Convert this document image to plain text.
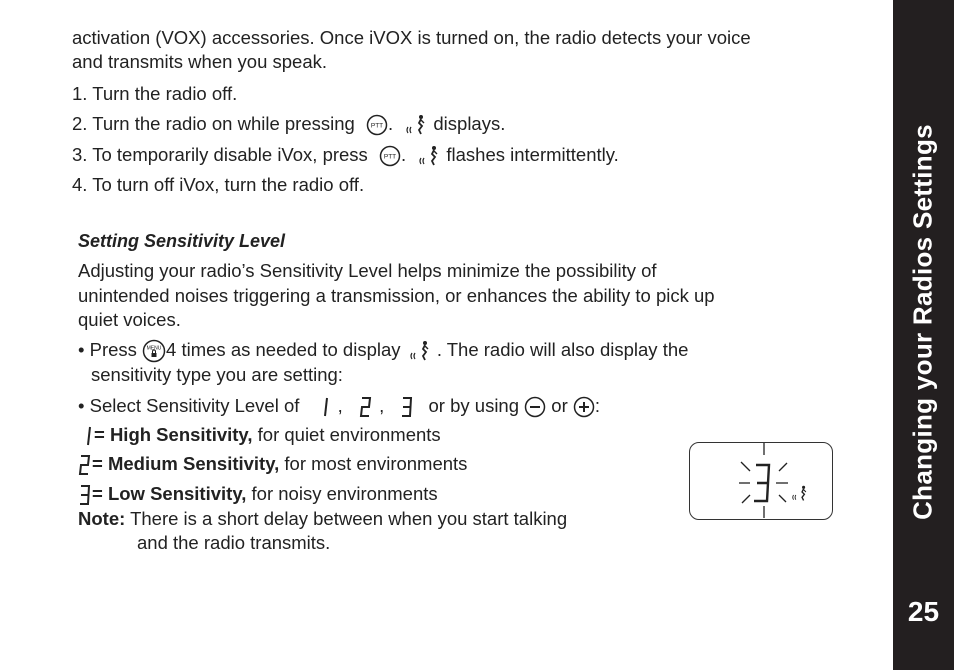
activation (VOX) accessories. Once iVOX is turned on, the radio detects your voice
and transmits when you speak.
1. Turn the radio off.
2. Turn the radio on while pressing PTT . displays.
3. To temporarily disable iVox, press PTT . flashes intermittently.
4. To turn off iVox, turn the radio off.
Setting Sensitivity Level
Adjusting your radio’s Sensitivity Level helps minimize the possibility of
unintended noises triggering a transmission, or enhances the ability to pick up
quiet voices.
• Press MENU 4 times as needed to display . The radio will also display the
sensitivity type you are setting:
• Select Sensitivity Level of , , or by using or :
= High Sensitivity, for quiet environments
= Medium Sensitivity, for most environments
= Low Sensitivity, for noisy environments
Note: There is a short delay between when you start talking
and the radio transmits.
Changing your Radios Settings
25
